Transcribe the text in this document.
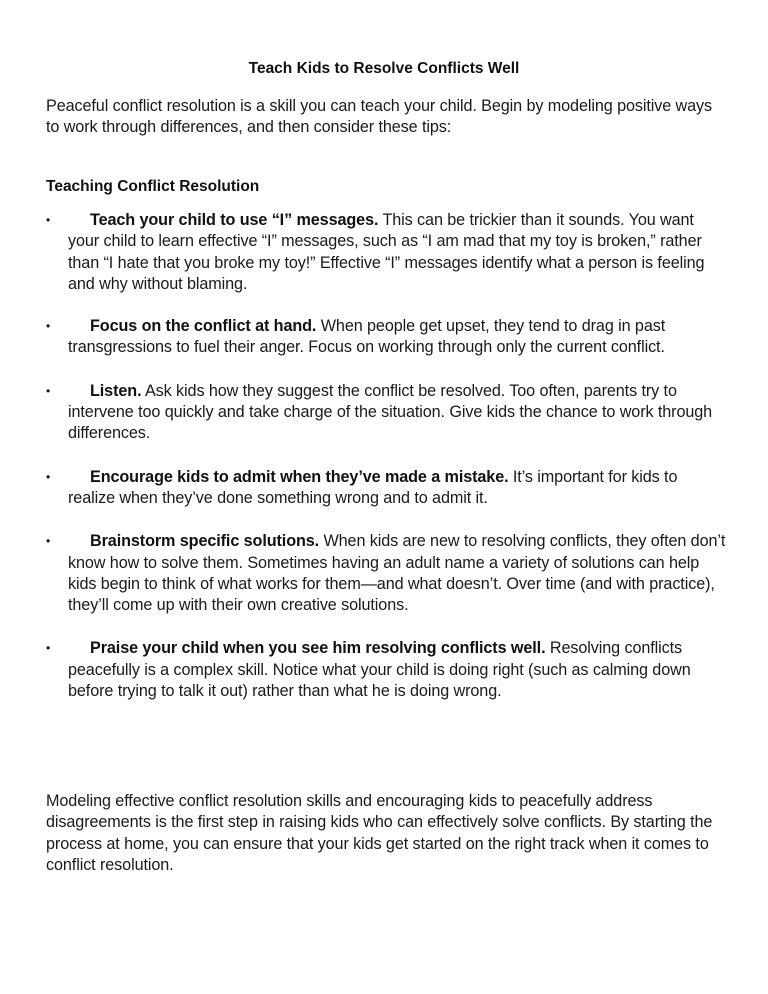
Teach Kids to Resolve Conflicts Well

Peaceful conflict resolution is a skill you can teach your child. Begin by modeling positive ways to work through differences, and then consider these tips:

Teaching Conflict Resolution
• Teach your child to use “I” messages. This can be trickier than it sounds. You want your child to learn effective “I” messages, such as “I am mad that my toy is broken,” rather than “I hate that you broke my toy!” Effective “I” messages identify what a person is feeling and why without blaming.
• Focus on the conflict at hand. When people get upset, they tend to drag in past transgressions to fuel their anger. Focus on working through only the current conflict.
• Listen. Ask kids how they suggest the conflict be resolved. Too often, parents try to intervene too quickly and take charge of the situation. Give kids the chance to work through differences.
• Encourage kids to admit when they’ve made a mistake. It’s important for kids to realize when they’ve done something wrong and to admit it.
• Brainstorm specific solutions. When kids are new to resolving conflicts, they often don’t know how to solve them. Sometimes having an adult name a variety of solutions can help kids begin to think of what works for them—and what doesn’t. Over time (and with practice), they’ll come up with their own creative solutions.
• Praise your child when you see him resolving conflicts well. Resolving conflicts peacefully is a complex skill. Notice what your child is doing right (such as calming down before trying to talk it out) rather than what he is doing wrong.

Modeling effective conflict resolution skills and encouraging kids to peacefully address disagreements is the first step in raising kids who can effectively solve conflicts. By starting the process at home, you can ensure that your kids get started on the right track when it comes to conflict resolution.
